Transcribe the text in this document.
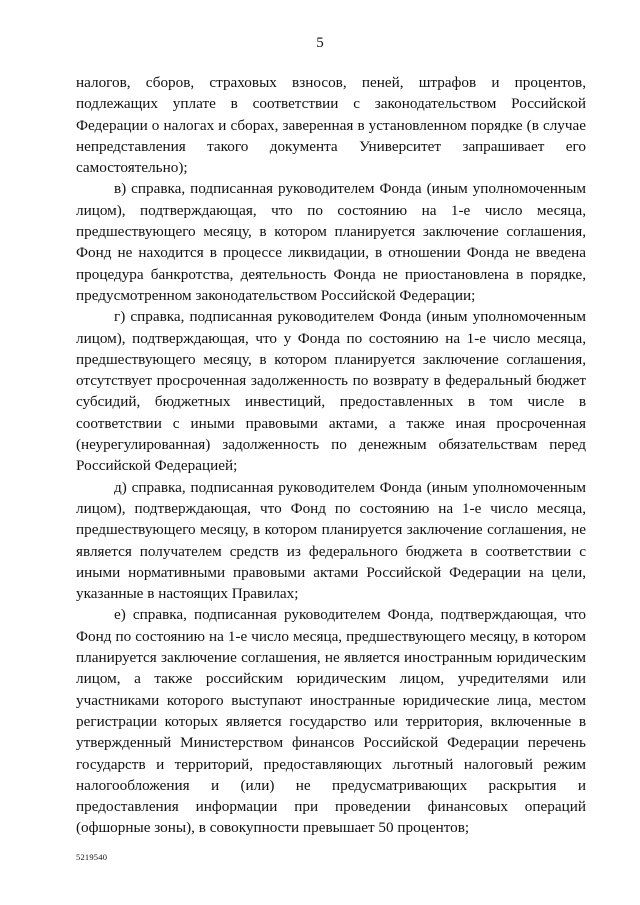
5

налогов, сборов, страховых взносов, пеней, штрафов и процентов, подлежащих уплате в соответствии с законодательством Российской Федерации о налогах и сборах, заверенная в установленном порядке (в случае непредставления такого документа Университет запрашивает его самостоятельно);

в) справка, подписанная руководителем Фонда (иным уполномоченным лицом), подтверждающая, что по состоянию на 1-е число месяца, предшествующего месяцу, в котором планируется заключение соглашения, Фонд не находится в процессе ликвидации, в отношении Фонда не введена процедура банкротства, деятельность Фонда не приостановлена в порядке, предусмотренном законодательством Российской Федерации;

г) справка, подписанная руководителем Фонда (иным уполномоченным лицом), подтверждающая, что у Фонда по состоянию на 1-е число месяца, предшествующего месяцу, в котором планируется заключение соглашения, отсутствует просроченная задолженность по возврату в федеральный бюджет субсидий, бюджетных инвестиций, предоставленных в том числе в соответствии с иными правовыми актами, а также иная просроченная (неурегулированная) задолженность по денежным обязательствам перед Российской Федерацией;

д) справка, подписанная руководителем Фонда (иным уполномоченным лицом), подтверждающая, что Фонд по состоянию на 1-е число месяца, предшествующего месяцу, в котором планируется заключение соглашения, не является получателем средств из федерального бюджета в соответствии с иными нормативными правовыми актами Российской Федерации на цели, указанные в настоящих Правилах;

е) справка, подписанная руководителем Фонда, подтверждающая, что Фонд по состоянию на 1-е число месяца, предшествующего месяцу, в котором планируется заключение соглашения, не является иностранным юридическим лицом, а также российским юридическим лицом, учредителями или участниками которого выступают иностранные юридические лица, местом регистрации которых является государство или территория, включенные в утвержденный Министерством финансов Российской Федерации перечень государств и территорий, предоставляющих льготный налоговый режим налогообложения и (или) не предусматривающих раскрытия и предоставления информации при проведении финансовых операций (офшорные зоны), в совокупности превышает 50 процентов;

5219540
